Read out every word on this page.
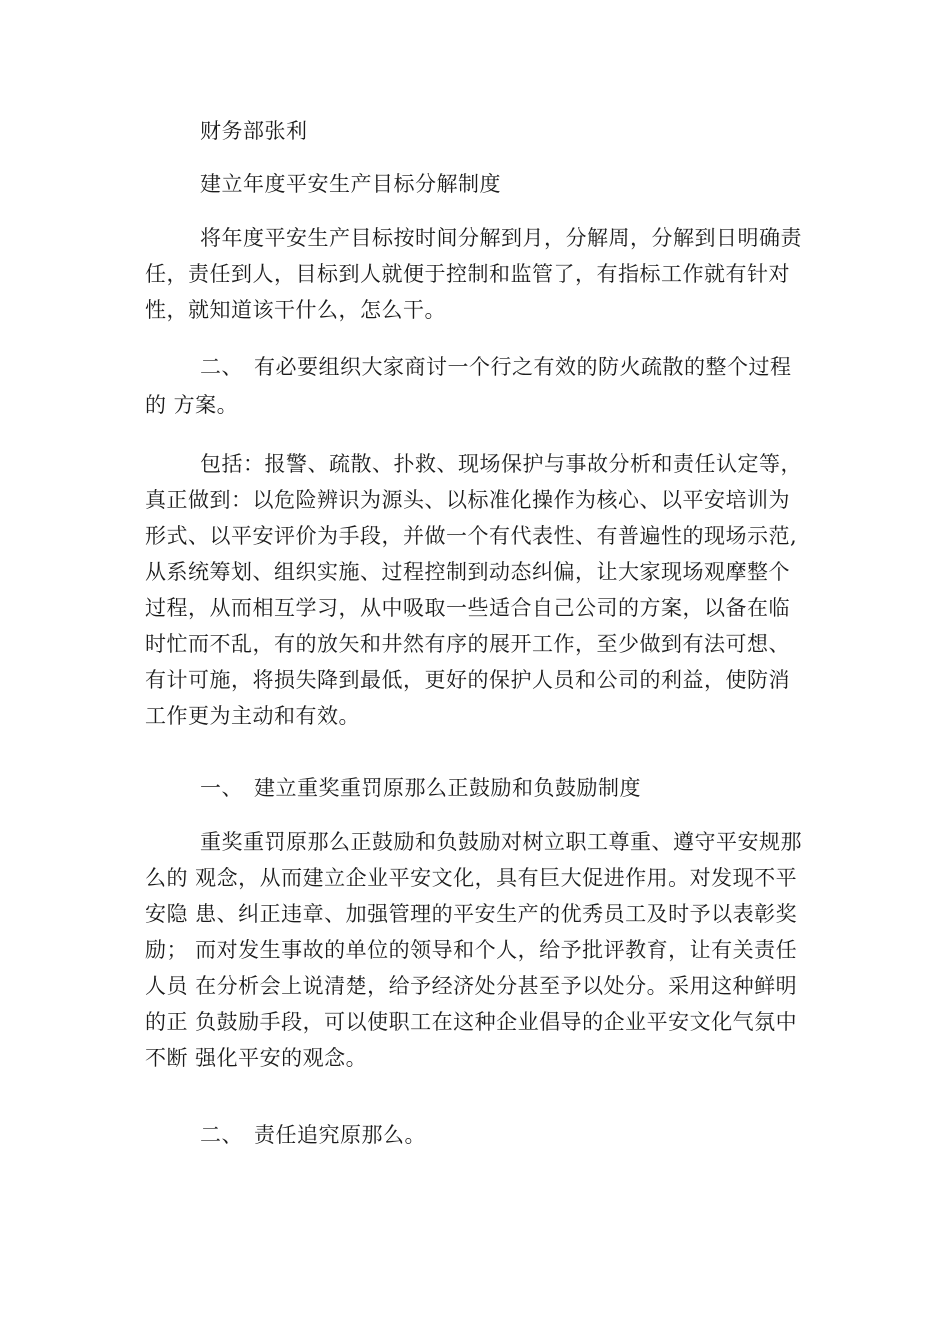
财务部张利
建立年度平安生产目标分解制度
将年度平安生产目标按时间分解到月，分解周，分解到日明确责
任，责任到人，目标到人就便于控制和监管了，有指标工作就有针对
性，就知道该干什么，怎么干。
二、 有必要组织大家商讨一个行之有效的防火疏散的整个过程
的 方案。
包括：报警、疏散、扑救、现场保护与事故分析和责任认定等，
真正做到：以危险辨识为源头、以标准化操作为核心、以平安培训为
形式、以平安评价为手段，并做一个有代表性、有普遍性的现场示范,
从系统筹划、组织实施、过程控制到动态纠偏，让大家现场观摩整个
过程，从而相互学习，从中吸取一些适合自己公司的方案，以备在临
时忙而不乱，有的放矢和井然有序的展开工作，至少做到有法可想、
有计可施，将损失降到最低，更好的保护人员和公司的利益，使防消
工作更为主动和有效。
一、 建立重奖重罚原那么正鼓励和负鼓励制度
重奖重罚原那么正鼓励和负鼓励对树立职工尊重、遵守平安规那
么的 观念，从而建立企业平安文化，具有巨大促进作用。对发现不平
安隐 患、纠正违章、加强管理的平安生产的优秀员工及时予以表彰奖
励； 而对发生事故的单位的领导和个人，给予批评教育，让有关责任
人员 在分析会上说清楚，给予经济处分甚至予以处分。采用这种鲜明
的正 负鼓励手段，可以使职工在这种企业倡导的企业平安文化气氛中
不断 强化平安的观念。
二、 责任追究原那么。
